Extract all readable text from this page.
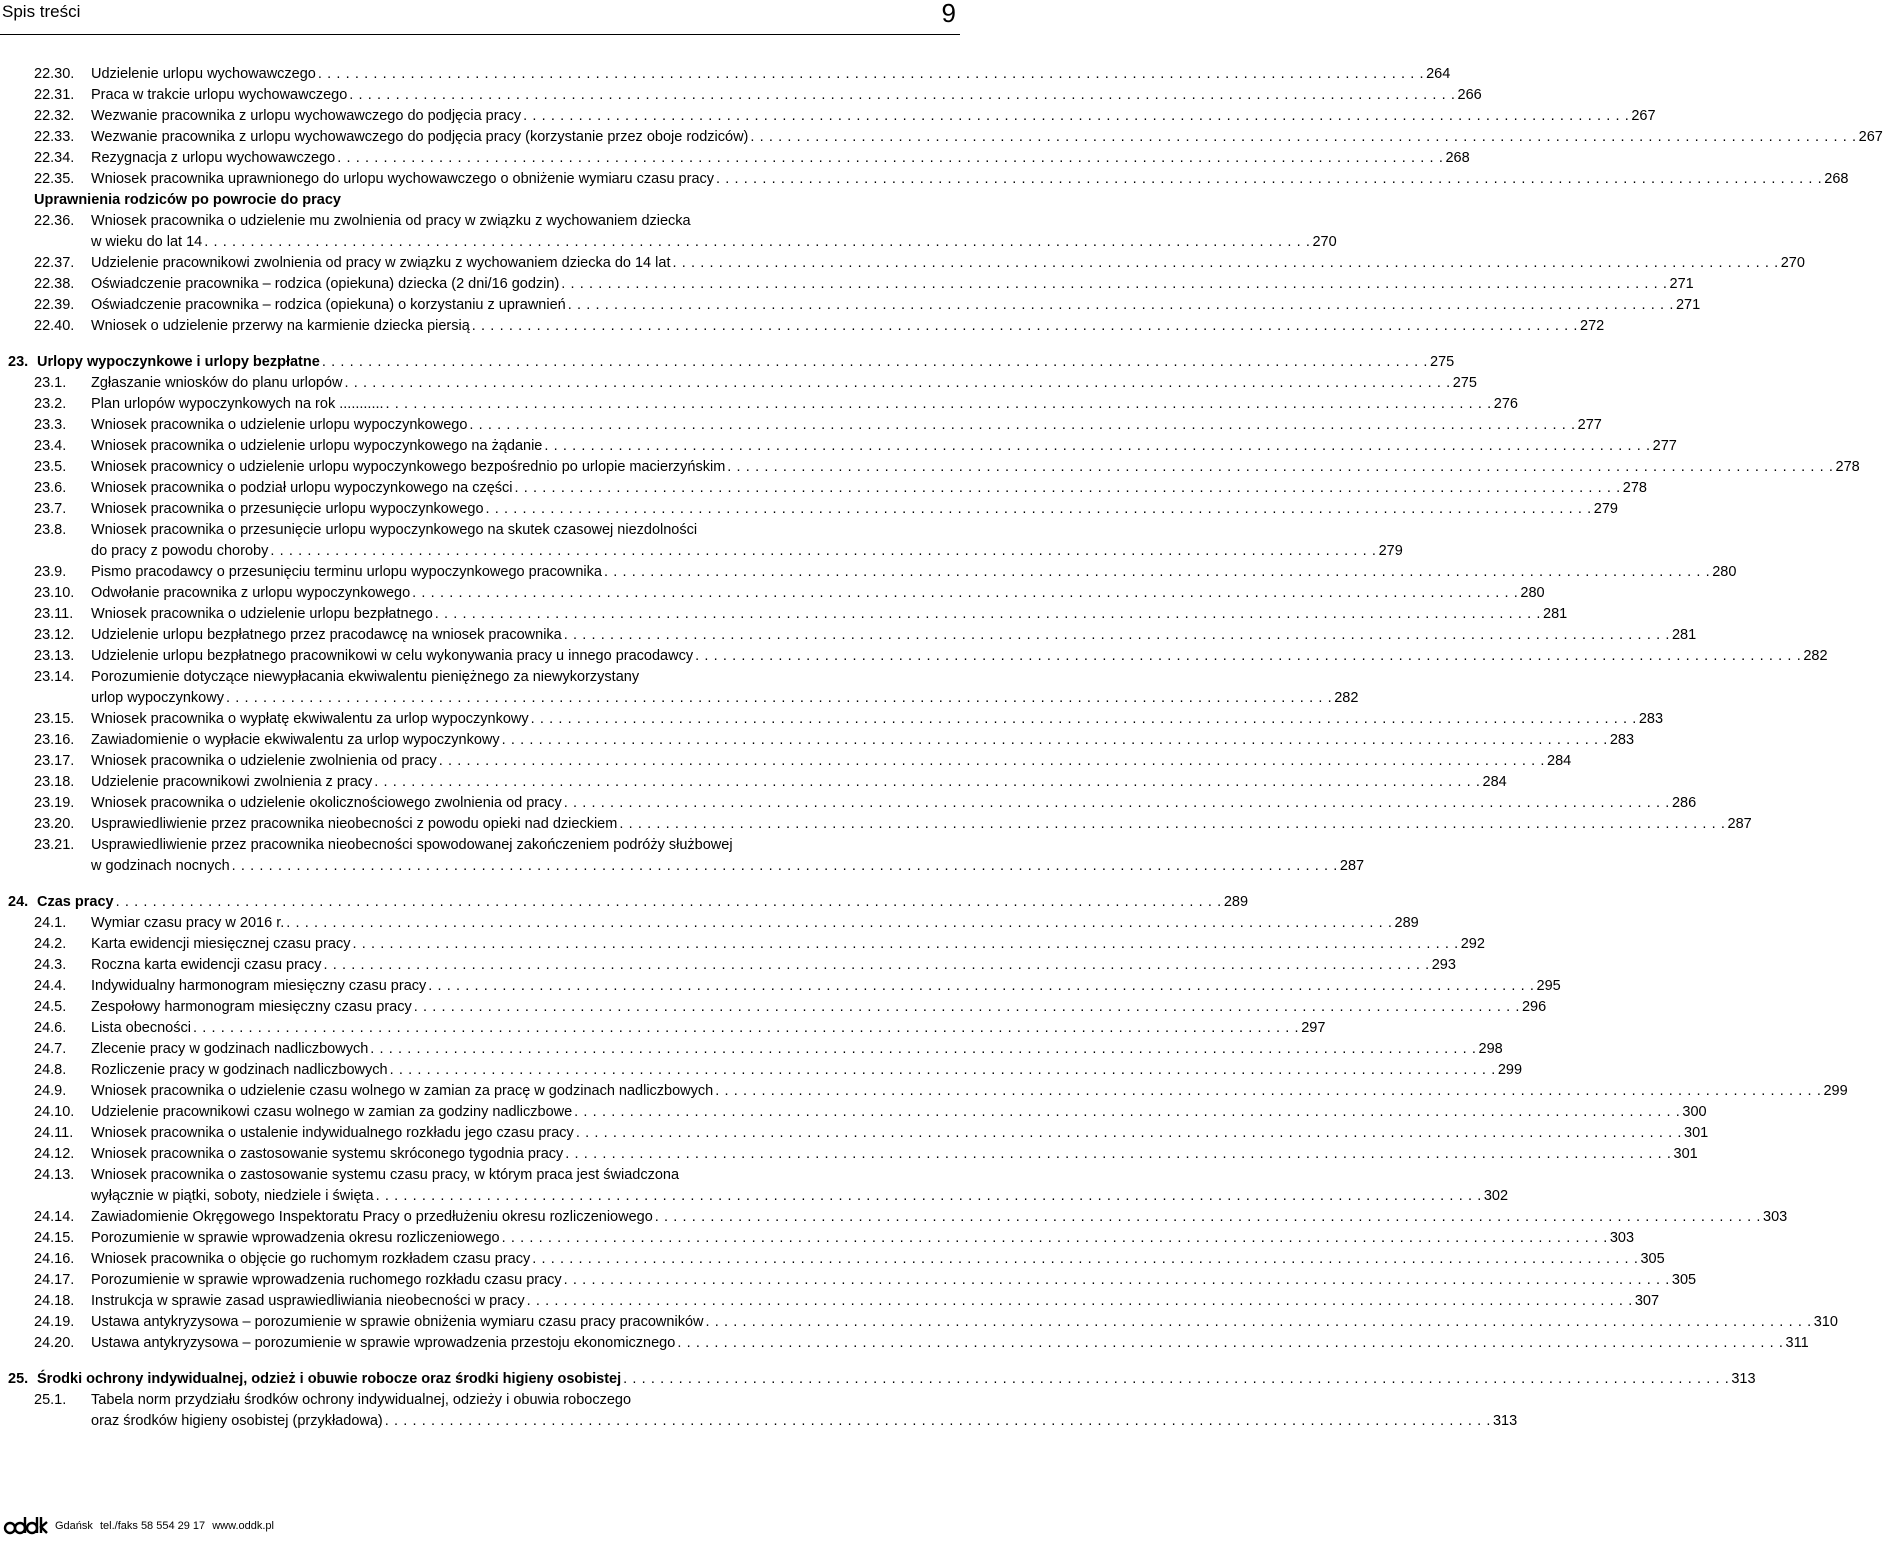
Spis treści	9
22.30. Udzielenie urlopu wychowawczego . . .	264
22.31. Praca w trakcie urlopu wychowawczego . . .	266
22.32. Wezwanie pracownika z urlopu wychowawczego do podjęcia pracy . . .	267
22.33. Wezwanie pracownika z urlopu wychowawczego do podjęcia pracy (korzystanie przez oboje rodziców) . . .	267
22.34. Rezygnacja z urlopu wychowawczego . . .	268
22.35. Wniosek pracownika uprawnionego do urlopu wychowawczego o obniżenie wymiaru czasu pracy . . .	268
Uprawnienia rodziców po powrocie do pracy
22.36. Wniosek pracownika o udzielenie mu zwolnienia od pracy w związku z wychowaniem dziecka
w wieku do lat 14 . . .	270
22.37. Udzielenie pracownikowi zwolnienia od pracy w związku z wychowaniem dziecka do 14 lat . . .	270
22.38. Oświadczenie pracownika – rodzica (opiekuna) dziecka (2 dni/16 godzin) . . .	271
22.39. Oświadczenie pracownika – rodzica (opiekuna) o korzystaniu z uprawnień . . .	271
22.40. Wniosek o udzielenie przerwy na karmienie dziecka piersią . . .	272
23. Urlopy wypoczynkowe i urlopy bezpłatne . . .	275
23.1. Zgłaszanie wniosków do planu urlopów . . .	275
23.2. Plan urlopów wypoczynkowych na rok ........... . . .	276
23.3. Wniosek pracownika o udzielenie urlopu wypoczynkowego . . .	277
23.4. Wniosek pracownika o udzielenie urlopu wypoczynkowego na żądanie . . .	277
23.5. Wniosek pracownicy o udzielenie urlopu wypoczynkowego bezpośrednio po urlopie macierzyńskim . . .	278
23.6. Wniosek pracownika o podział urlopu wypoczynkowego na części . . .	278
23.7. Wniosek pracownika o przesunięcie urlopu wypoczynkowego . . .	279
23.8. Wniosek pracownika o przesunięcie urlopu wypoczynkowego na skutek czasowej niezdolności
do pracy z powodu choroby . . .	279
23.9. Pismo pracodawcy o przesunięciu terminu urlopu wypoczynkowego pracownika . . .	280
23.10. Odwołanie pracownika z urlopu wypoczynkowego . . .	280
23.11. Wniosek pracownika o udzielenie urlopu bezpłatnego . . .	281
23.12. Udzielenie urlopu bezpłatnego przez pracodawcę na wniosek pracownika . . .	281
23.13. Udzielenie urlopu bezpłatnego pracownikowi w celu wykonywania pracy u innego pracodawcy . . .	282
23.14. Porozumienie dotyczące niewypłacania ekwiwalentu pieniężnego za niewykorzystany
urlop wypoczynkowy . . .	282
23.15. Wniosek pracownika o wypłatę ekwiwalentu za urlop wypoczynkowy . . .	283
23.16. Zawiadomienie o wypłacie ekwiwalentu za urlop wypoczynkowy . . .	283
23.17. Wniosek pracownika o udzielenie zwolnienia od pracy . . .	284
23.18. Udzielenie pracownikowi zwolnienia z pracy . . .	284
23.19. Wniosek pracownika o udzielenie okolicznościowego zwolnienia od pracy . . .	286
23.20. Usprawiedliwienie przez pracownika nieobecności z powodu opieki nad dzieckiem . . .	287
23.21. Usprawiedliwienie przez pracownika nieobecności spowodowanej zakończeniem podróży służbowej
w godzinach nocnych . . .	287
24. Czas pracy . . .	289
24.1. Wymiar czasu pracy w 2016 r. . . .	289
24.2. Karta ewidencji miesięcznej czasu pracy . . .	292
24.3. Roczna karta ewidencji czasu pracy . . .	293
24.4. Indywidualny harmonogram miesięczny czasu pracy . . .	295
24.5. Zespołowy harmonogram miesięczny czasu pracy . . .	296
24.6. Lista obecności . . .	297
24.7. Zlecenie pracy w godzinach nadliczbowych . . .	298
24.8. Rozliczenie pracy w godzinach nadliczbowych . . .	299
24.9. Wniosek pracownika o udzielenie czasu wolnego w zamian za pracę w godzinach nadliczbowych . . .	299
24.10. Udzielenie pracownikowi czasu wolnego w zamian za godziny nadliczbowe . . .	300
24.11. Wniosek pracownika o ustalenie indywidualnego rozkładu jego czasu pracy . . .	301
24.12. Wniosek pracownika o zastosowanie systemu skróconego tygodnia pracy . . .	301
24.13. Wniosek pracownika o zastosowanie systemu czasu pracy, w którym praca jest świadczona
wyłącznie w piątki, soboty, niedziele i święta . . .	302
24.14. Zawiadomienie Okręgowego Inspektoratu Pracy o przedłużeniu okresu rozliczeniowego . . .	303
24.15. Porozumienie w sprawie wprowadzenia okresu rozliczeniowego . . .	303
24.16. Wniosek pracownika o objęcie go ruchomym rozkładem czasu pracy . . .	305
24.17. Porozumienie w sprawie wprowadzenia ruchomego rozkładu czasu pracy . . .	305
24.18. Instrukcja w sprawie zasad usprawiedliwiania nieobecności w pracy . . .	307
24.19. Ustawa antykryzysowa – porozumienie w sprawie obniżenia wymiaru czasu pracy pracowników . . .	310
24.20. Ustawa antykryzysowa – porozumienie w sprawie wprowadzenia przestoju ekonomicznego . . .	311
25. Środki ochrony indywidualnej, odzież i obuwie robocze oraz środki higieny osobistej . . .	313
25.1. Tabela norm przydziału środków ochrony indywidualnej, odzieży i obuwia roboczego
oraz środków higieny osobistej (przykładowa) . . .	313
Gdańsk tel./faks 58 554 29 17 www.oddk.pl
